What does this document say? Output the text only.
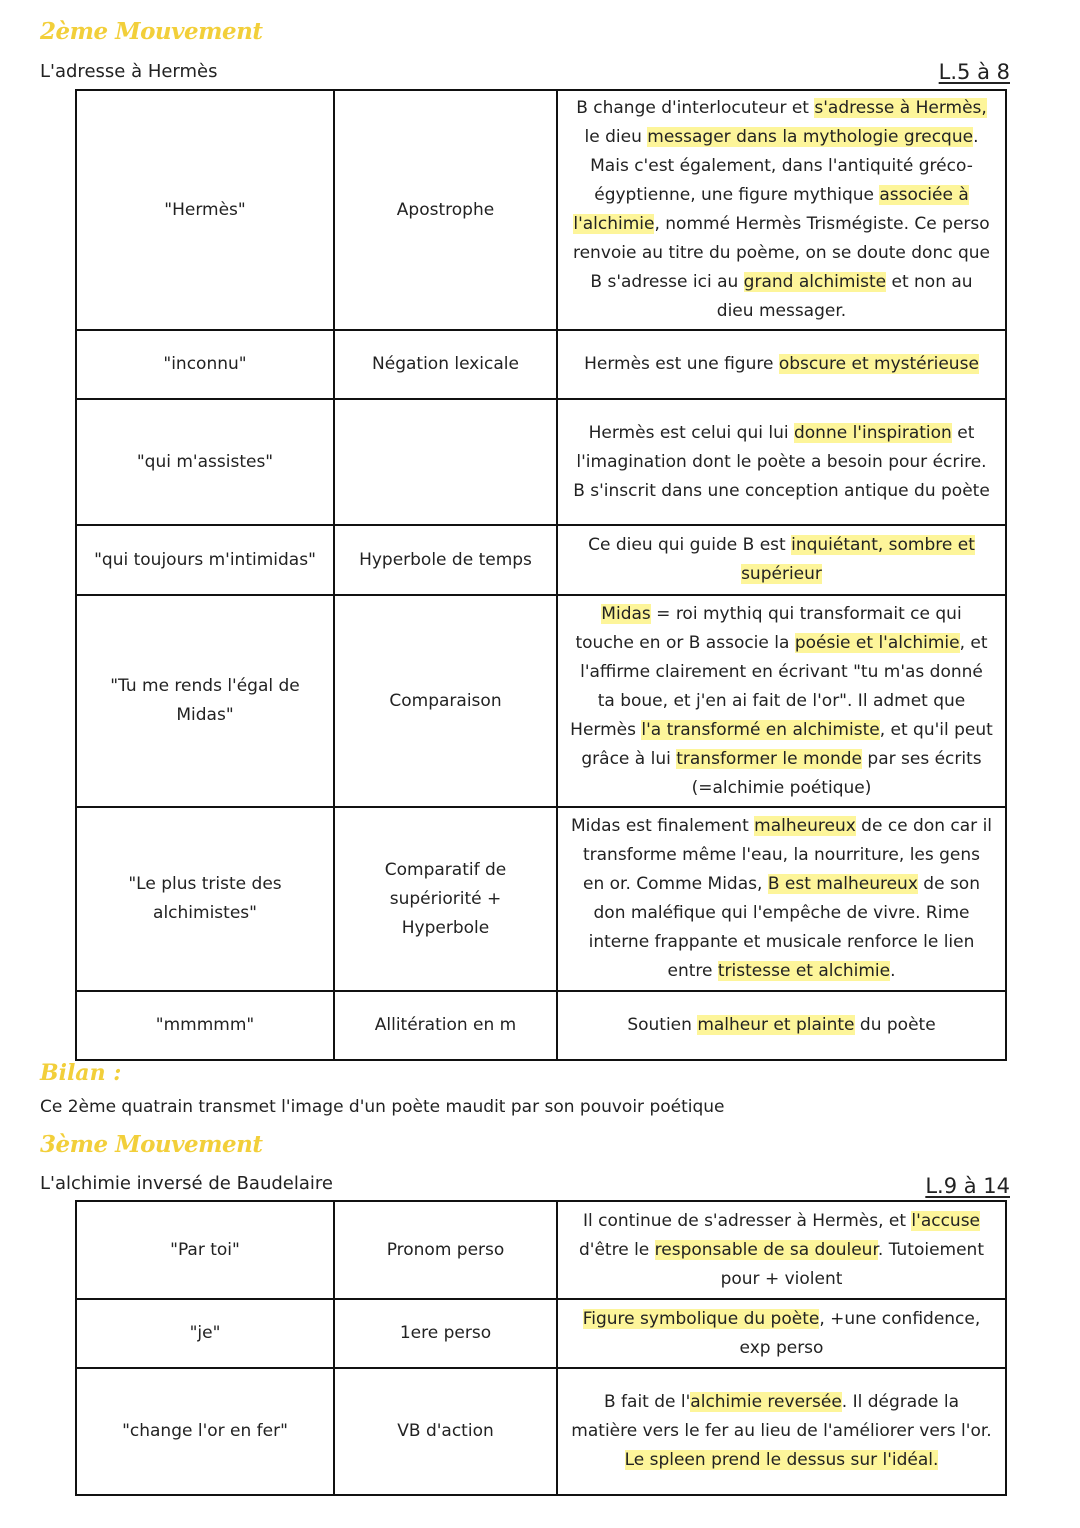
2ème Mouvement
L'adresse à Hermès	L.5 à 8
"Hermès"	Apostrophe	B change d'interlocuteur et s'adresse à Hermès, le dieu messager dans la mythologie grecque. Mais c'est également, dans l'antiquité gréco-égyptienne, une figure mythique associée à l'alchimie, nommé Hermès Trismégiste. Ce perso renvoie au titre du poème, on se doute donc que B s'adresse ici au grand alchimiste et non au dieu messager.
"inconnu"	Négation lexicale	Hermès est une figure obscure et mystérieuse
"qui m'assistes"		Hermès est celui qui lui donne l'inspiration et l'imagination dont le poète a besoin pour écrire. B s'inscrit dans une conception antique du poète
"qui toujours m'intimidas"	Hyperbole de temps	Ce dieu qui guide B est inquiétant, sombre et supérieur
"Tu me rends l'égal de Midas"	Comparaison	Midas = roi mythiq qui transformait ce qui touche en or B associe la poésie et l'alchimie, et l'affirme clairement en écrivant "tu m'as donné ta boue, et j'en ai fait de l'or". Il admet que Hermès l'a transformé en alchimiste, et qu'il peut grâce à lui transformer le monde par ses écrits (=alchimie poétique)
"Le plus triste des alchimistes"	Comparatif de supériorité + Hyperbole	Midas est finalement malheureux de ce don car il transforme même l'eau, la nourriture, les gens en or. Comme Midas, B est malheureux de son don maléfique qui l'empêche de vivre. Rime interne frappante et musicale renforce le lien entre tristesse et alchimie.
"mmmmm"	Allitération en m	Soutien malheur et plainte du poète
Bilan :
Ce 2ème quatrain transmet l'image d'un poète maudit par son pouvoir poétique
3ème Mouvement
L'alchimie inversé de Baudelaire	L.9 à 14
"Par toi"	Pronom perso	Il continue de s'adresser à Hermès, et l'accuse d'être le responsable de sa douleur. Tutoiement pour + violent
"je"	1ere perso	Figure symbolique du poète, +une confidence, exp perso
"change l'or en fer"	VB d'action	B fait de l'alchimie reversée. Il dégrade la matière vers le fer au lieu de l'améliorer vers l'or. Le spleen prend le dessus sur l'idéal.
